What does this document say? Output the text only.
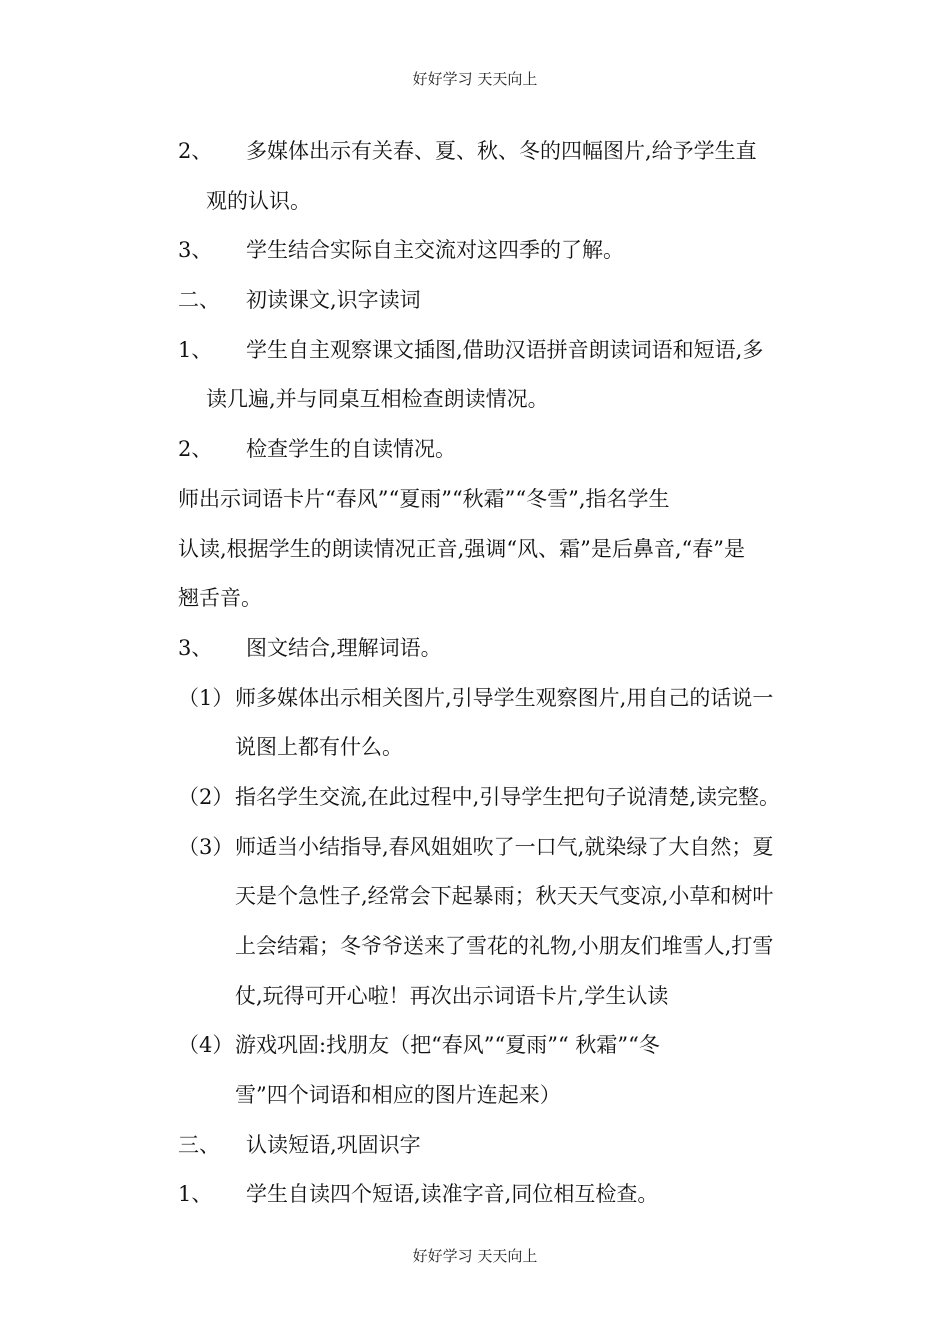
好好学习 天天向上
2、 多媒体出示有关春、夏、秋、冬的四幅图片,给予学生直
观的认识。
3、 学生结合实际自主交流对这四季的了解。
二、 初读课文,识字读词
1、 学生自主观察课文插图,借助汉语拼音朗读词语和短语,多
读几遍,并与同桌互相检查朗读情况。
2、 检查学生的自读情况。
师出示词语卡片“春风”“夏雨”“秋霜”“冬雪”,指名学生
认读,根据学生的朗读情况正音,强调“风、霜”是后鼻音,“春”是
翘舌音。
3、 图文结合,理解词语。
（1） 师多媒体出示相关图片,引导学生观察图片,用自己的话说一
说图上都有什么。
（2） 指名学生交流,在此过程中,引导学生把句子说清楚,读完整。
（3） 师适当小结指导,春风姐姐吹了一口气,就染绿了大自然；夏
天是个急性子,经常会下起暴雨；秋天天气变凉,小草和树叶
上会结霜；冬爷爷送来了雪花的礼物,小朋友们堆雪人,打雪
仗,玩得可开心啦！再次出示词语卡片,学生认读
（4） 游戏巩固:找朋友（把“春风”“夏雨”“ 秋霜”“冬
雪”四个词语和相应的图片连起来）
三、 认读短语,巩固识字
1、 学生自读四个短语,读准字音,同位相互检查。
好好学习 天天向上
